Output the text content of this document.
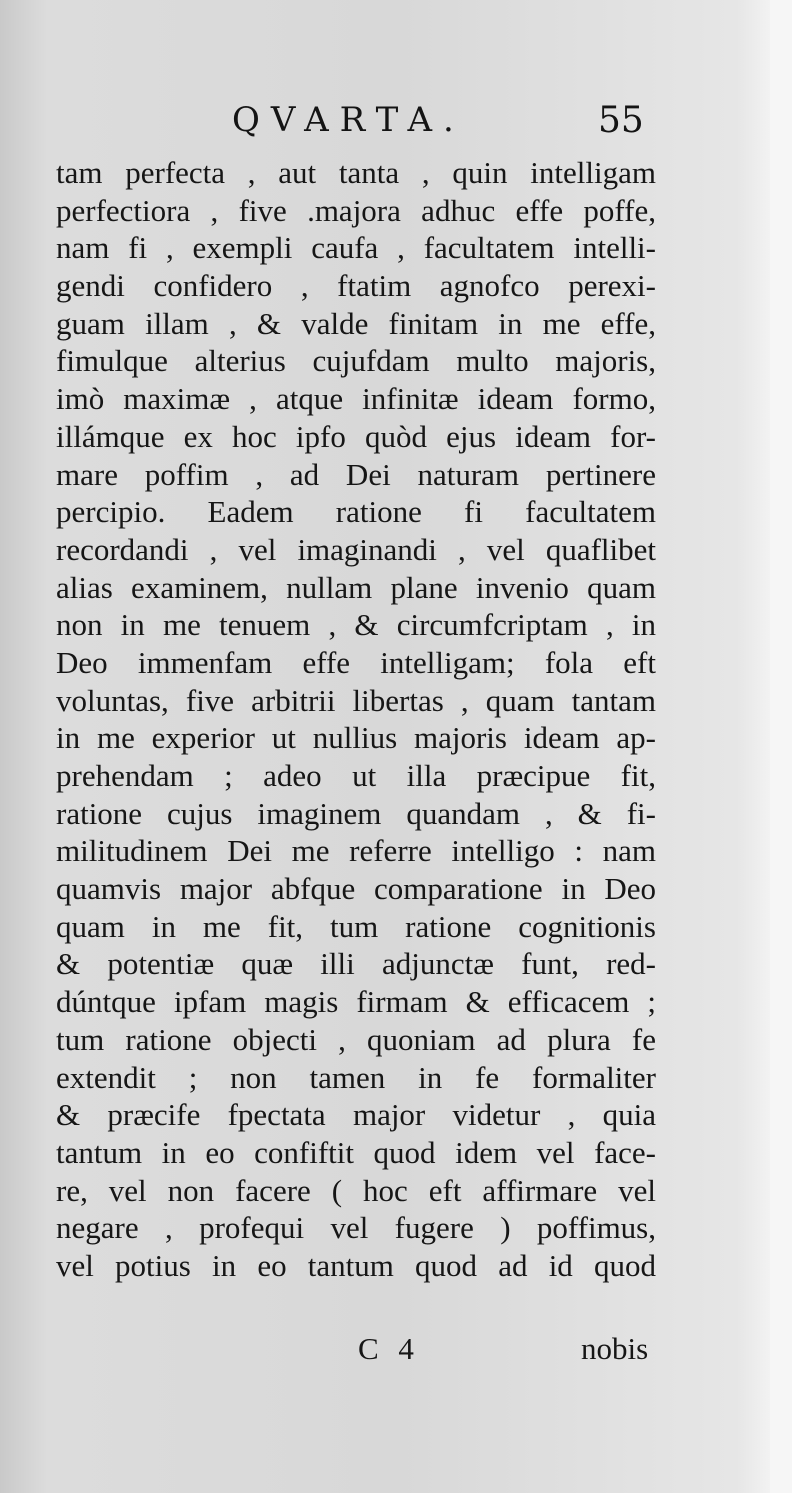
QVARTA.	55
tam perfecta , aut tanta , quin intelligam
perfectiora , five .majora adhuc effe poffe,
nam fi , exempli caufa , facultatem intelli-
gendi confidero , ftatim agnofco perexi-
guam illam , & valde finitam in me effe,
fimulque alterius cujufdam multo majoris,
imò maximæ , atque infinitæ ideam formo,
illámque ex hoc ipfo quòd ejus ideam for-
mare poffim , ad Dei naturam pertinere
percipio. Eadem ratione fi facultatem
recordandi , vel imaginandi , vel quaflibet
alias examinem, nullam plane invenio quam
non in me tenuem , & circumfcriptam , in
Deo immenfam effe intelligam; fola eft
voluntas, five arbitrii libertas , quam tantam
in me experior ut nullius majoris ideam ap-
prehendam ; adeo ut illa præcipue fit,
ratione cujus imaginem quandam , & fi-
militudinem Dei me referre intelligo : nam
quamvis major abfque comparatione in Deo
quam in me fit, tum ratione cognitionis
& potentiæ quæ illi adjunctæ funt, red-
dúntque ipfam magis firmam & efficacem ;
tum ratione objecti , quoniam ad plura fe
extendit ; non tamen in fe formaliter
& præcife fpectata major videtur , quia
tantum in eo confiftit quod idem vel face-
re, vel non facere ( hoc eft affirmare vel
negare , profequi vel fugere ) poffimus,
vel potius in eo tantum quod ad id quod
C 4	nobis
